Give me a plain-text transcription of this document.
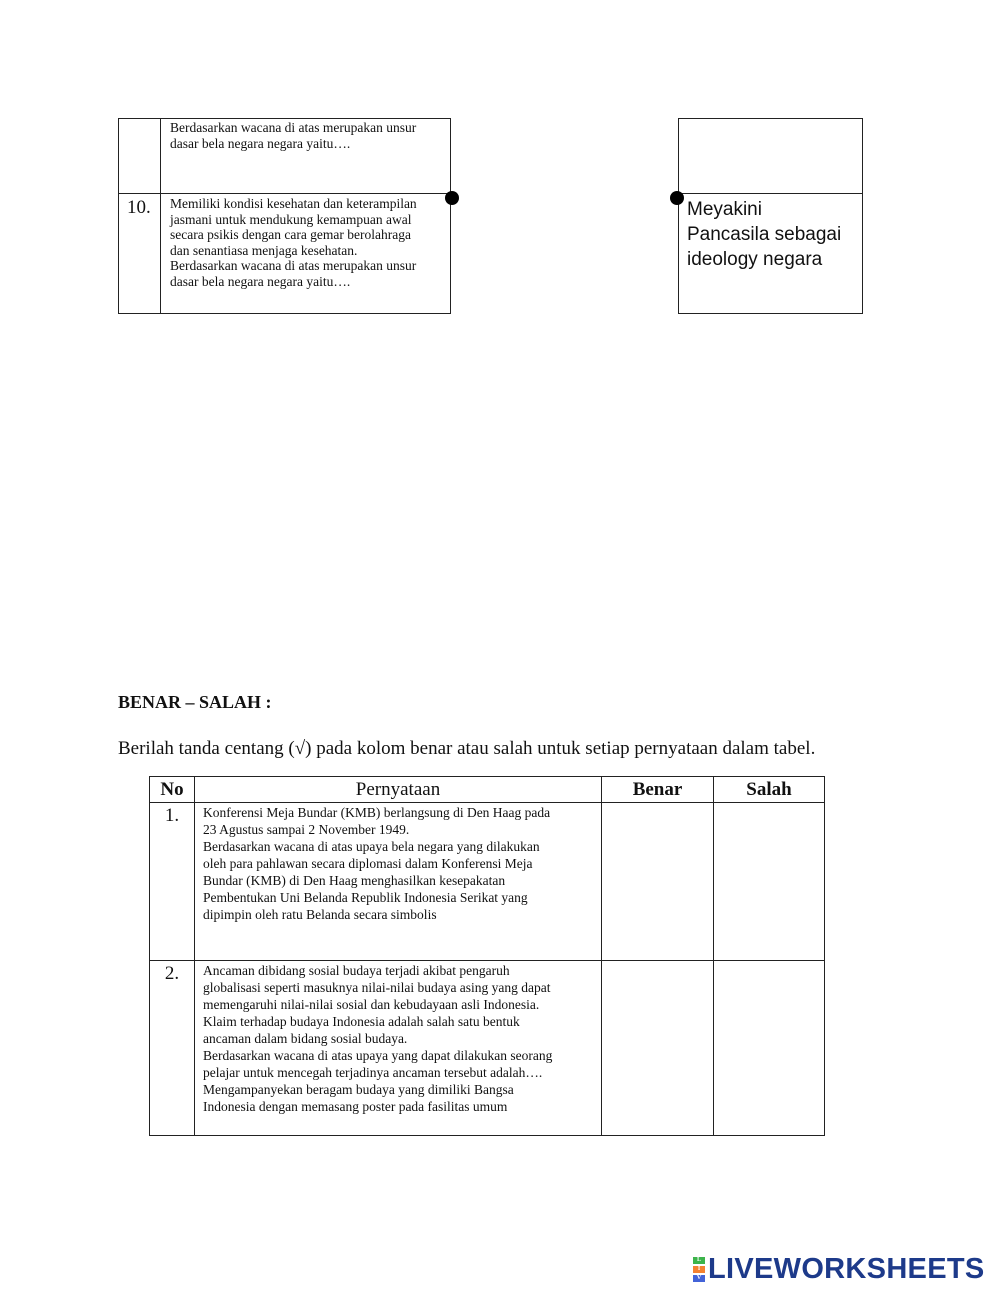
Berdasarkan wacana di atas merupakan unsur
dasar bela negara negara yaitu….
10.	Memiliki kondisi kesehatan dan keterampilan
jasmani untuk mendukung kemampuan awal
secara psikis dengan cara gemar berolahraga
dan senantiasa menjaga kesehatan.
Berdasarkan wacana di atas merupakan unsur
dasar bela negara negara yaitu….
Meyakini
Pancasila sebagai
ideology negara
BENAR – SALAH :
Berilah tanda centang (√) pada kolom benar atau salah untuk setiap pernyataan dalam tabel.
No	Pernyataan	Benar	Salah
1.	Konferensi Meja Bundar (KMB) berlangsung di Den Haag pada
23 Agustus sampai 2 November 1949.
Berdasarkan wacana di atas upaya bela negara yang dilakukan
oleh para pahlawan secara diplomasi dalam Konferensi Meja
Bundar (KMB) di Den Haag menghasilkan kesepakatan
Pembentukan Uni Belanda Republik Indonesia Serikat yang
dipimpin oleh ratu Belanda secara simbolis
2.	Ancaman dibidang sosial budaya terjadi akibat pengaruh
globalisasi seperti masuknya nilai-nilai budaya asing yang dapat
memengaruhi nilai-nilai sosial dan kebudayaan asli Indonesia.
Klaim terhadap budaya Indonesia adalah salah satu bentuk
ancaman dalam bidang sosial budaya.
Berdasarkan wacana di atas upaya yang dapat dilakukan seorang
pelajar untuk mencegah terjadinya ancaman tersebut adalah….
Mengampanyekan beragam budaya yang dimiliki Bangsa
Indonesia dengan memasang poster pada fasilitas umum
L
I
V LIVEWORKSHEETS
